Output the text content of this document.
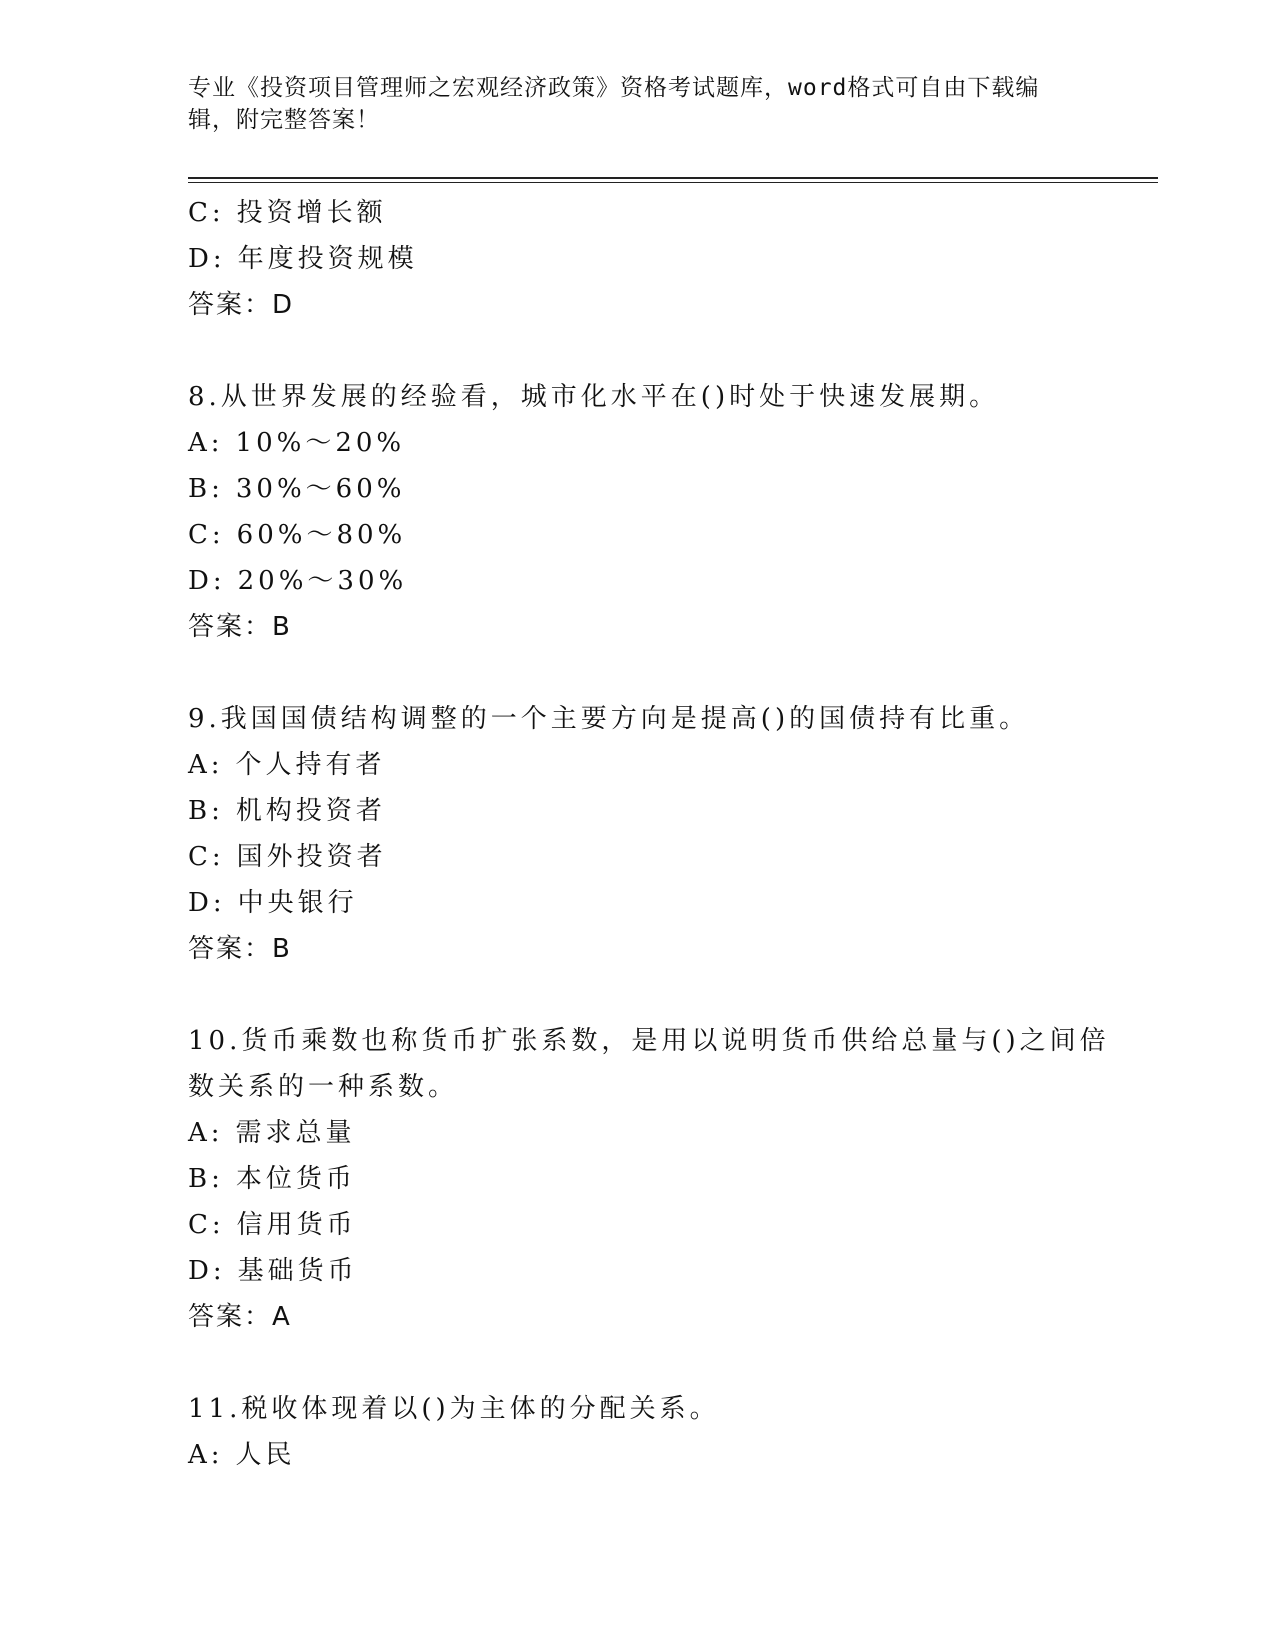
专业《投资项目管理师之宏观经济政策》资格考试题库，word格式可自由下载编
辑，附完整答案！
C: 投资增长额
D: 年度投资规模
答案：D
8.从世界发展的经验看，城市化水平在()时处于快速发展期。
A: 10%～20%
B: 30%～60%
C: 60%～80%
D: 20%～30%
答案：B
9.我国国债结构调整的一个主要方向是提高()的国债持有比重。
A: 个人持有者
B: 机构投资者
C: 国外投资者
D: 中央银行
答案：B
10.货币乘数也称货币扩张系数，是用以说明货币供给总量与()之间倍
数关系的一种系数。
A: 需求总量
B: 本位货币
C: 信用货币
D: 基础货币
答案：A
11.税收体现着以()为主体的分配关系。
A: 人民
